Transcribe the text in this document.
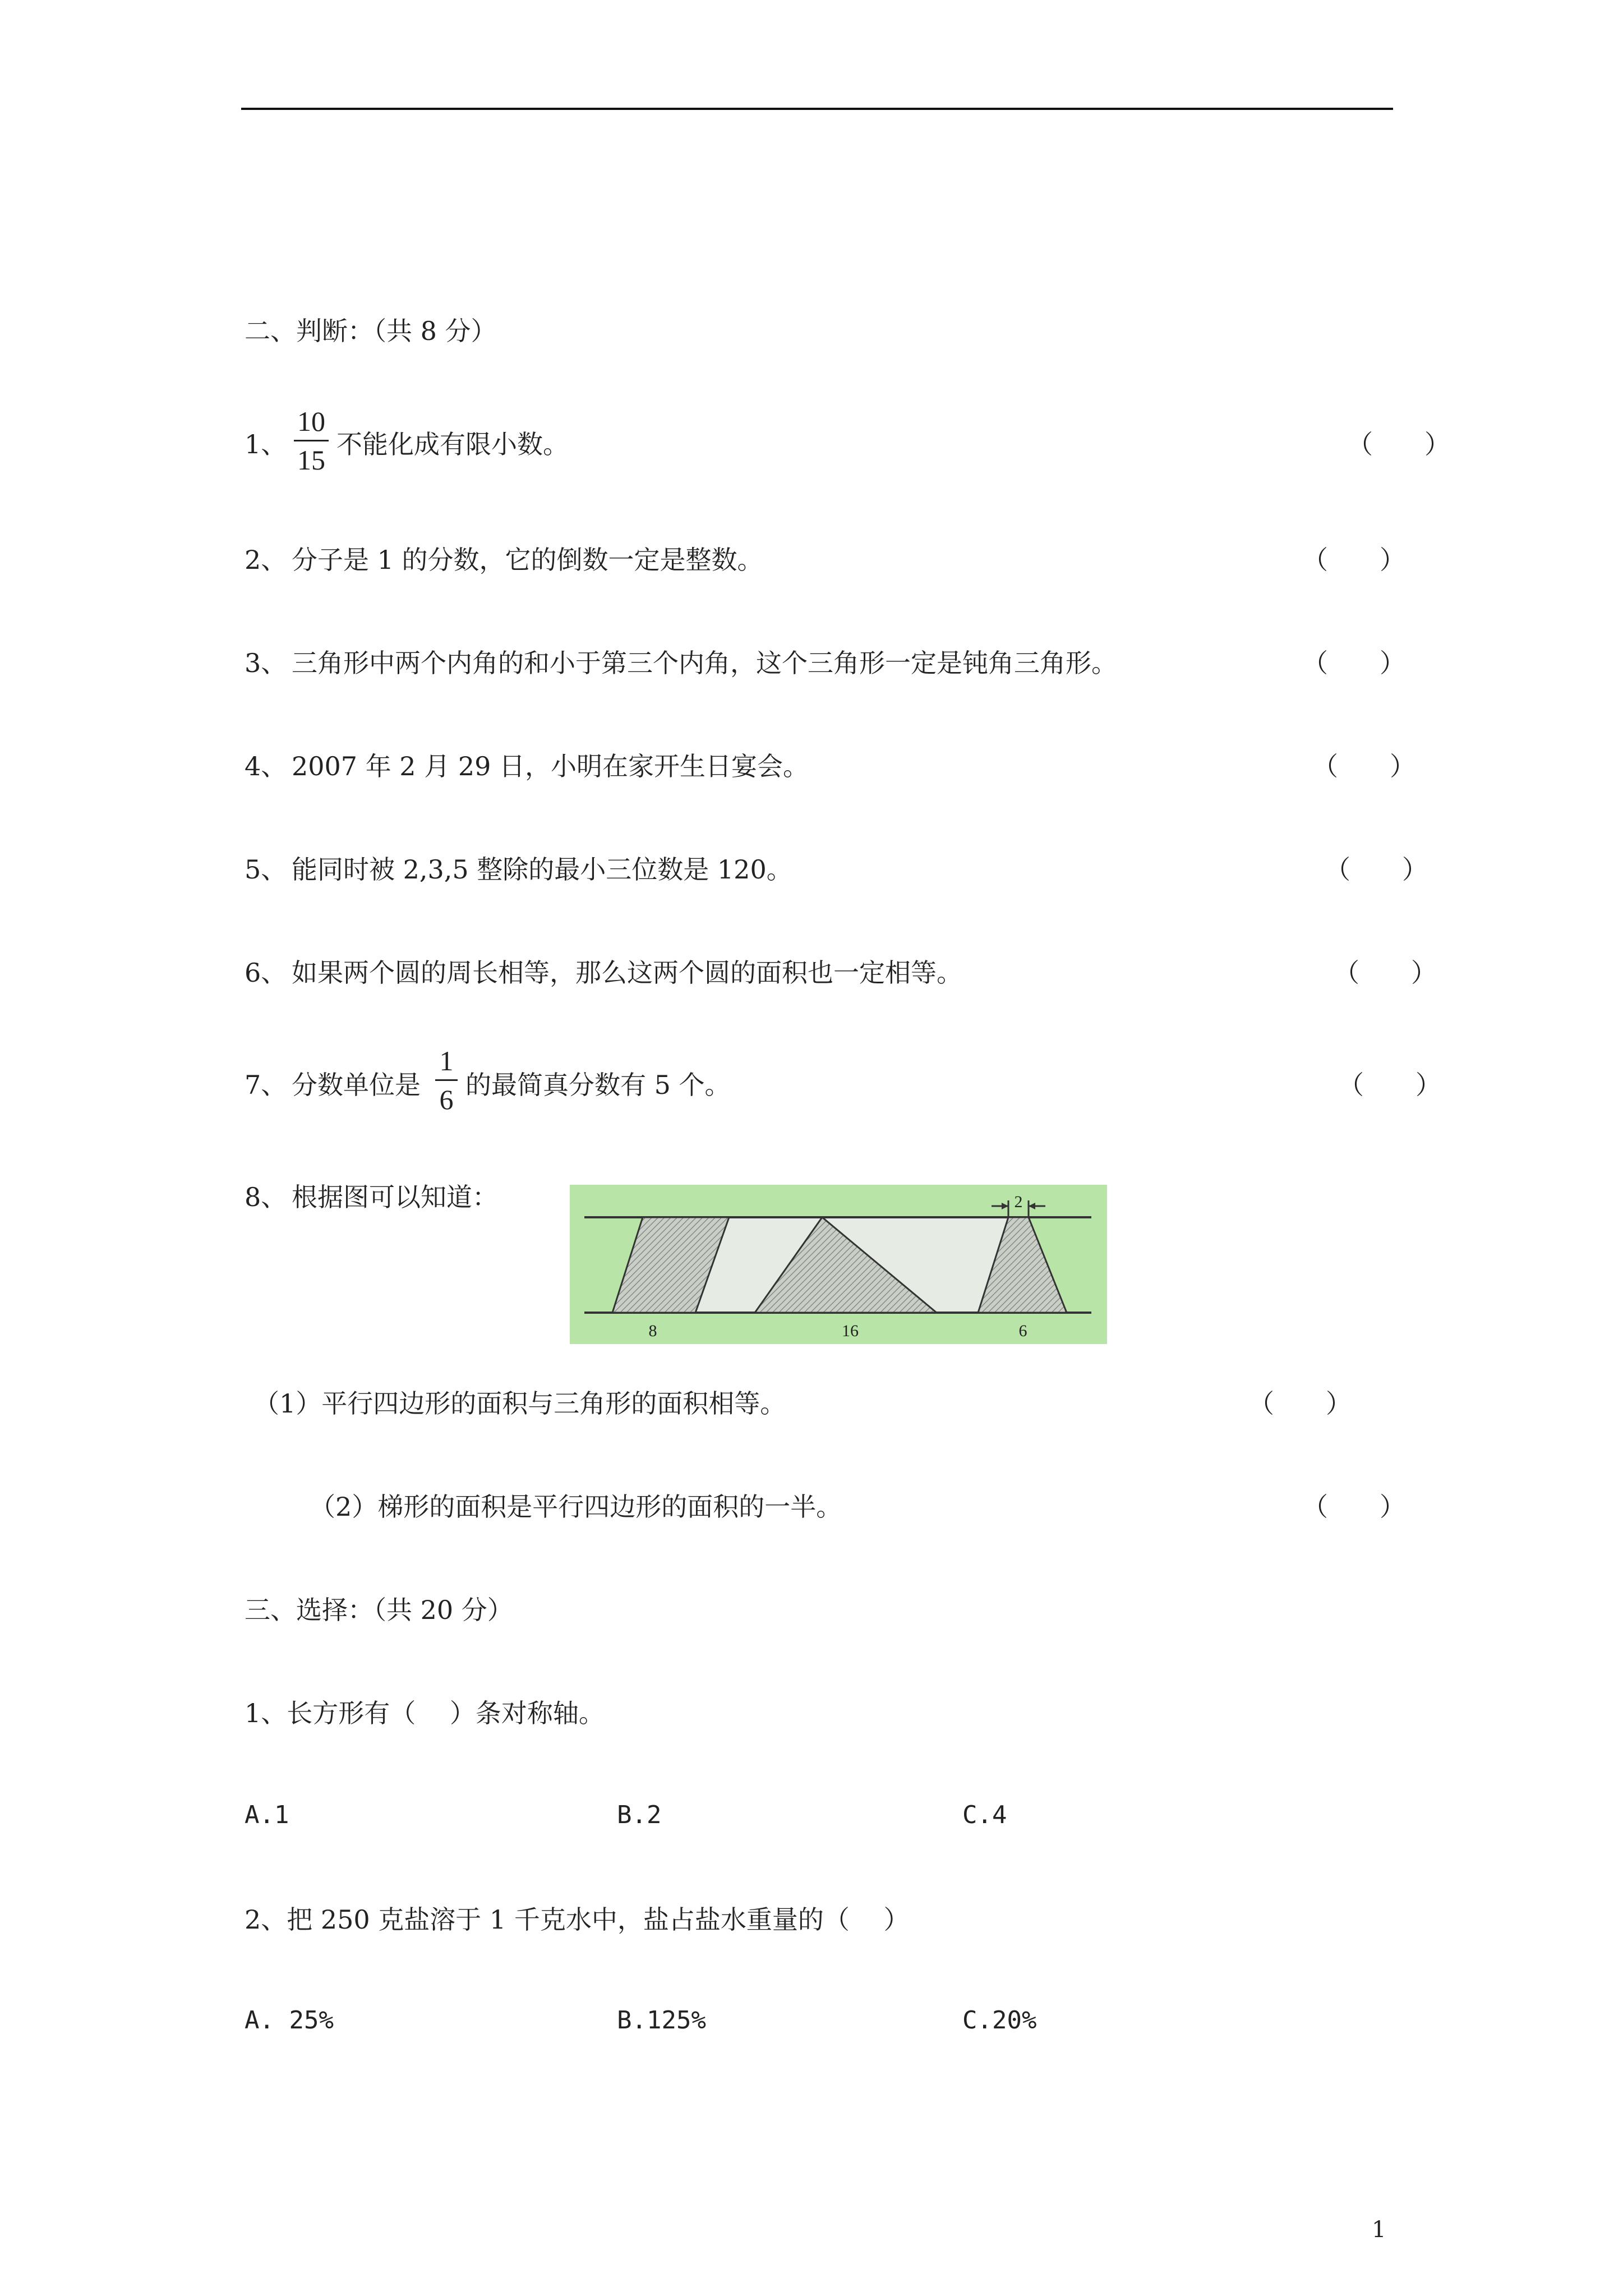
二、判断：（共 8 分）
1、
10
15 不能化成有限小数。	（　　）
2、 分子是 1 的分数，它的倒数一定是整数。	（　　）
3、 三角形中两个内角的和小于第三个内角，这个三角形一定是钝角三角形。	（　　）
4、 2007 年 2 月 29 日，小明在家开生日宴会。	（　　）
5、 能同时被 2,3,5 整除的最小三位数是 120。	（　　）
6、 如果两个圆的周长相等，那么这两个圆的面积也一定相等。	（　　）
7、 分数单位是
1
6 的最简真分数有 5 个。	（　　）
8、 根据图可以知道：	2
8	16	6
（1）平行四边形的面积与三角形的面积相等。	（　　）
（2）梯形的面积是平行四边形的面积的一半。	（　　）
三、选择：（共 20 分）
1、长方形有（　 ）条对称轴。
A.1	B.2	C.4
2、把 250 克盐溶于 1 千克水中，盐占盐水重量的（　 ）
A. 25%	B.125%	C.20%
1
